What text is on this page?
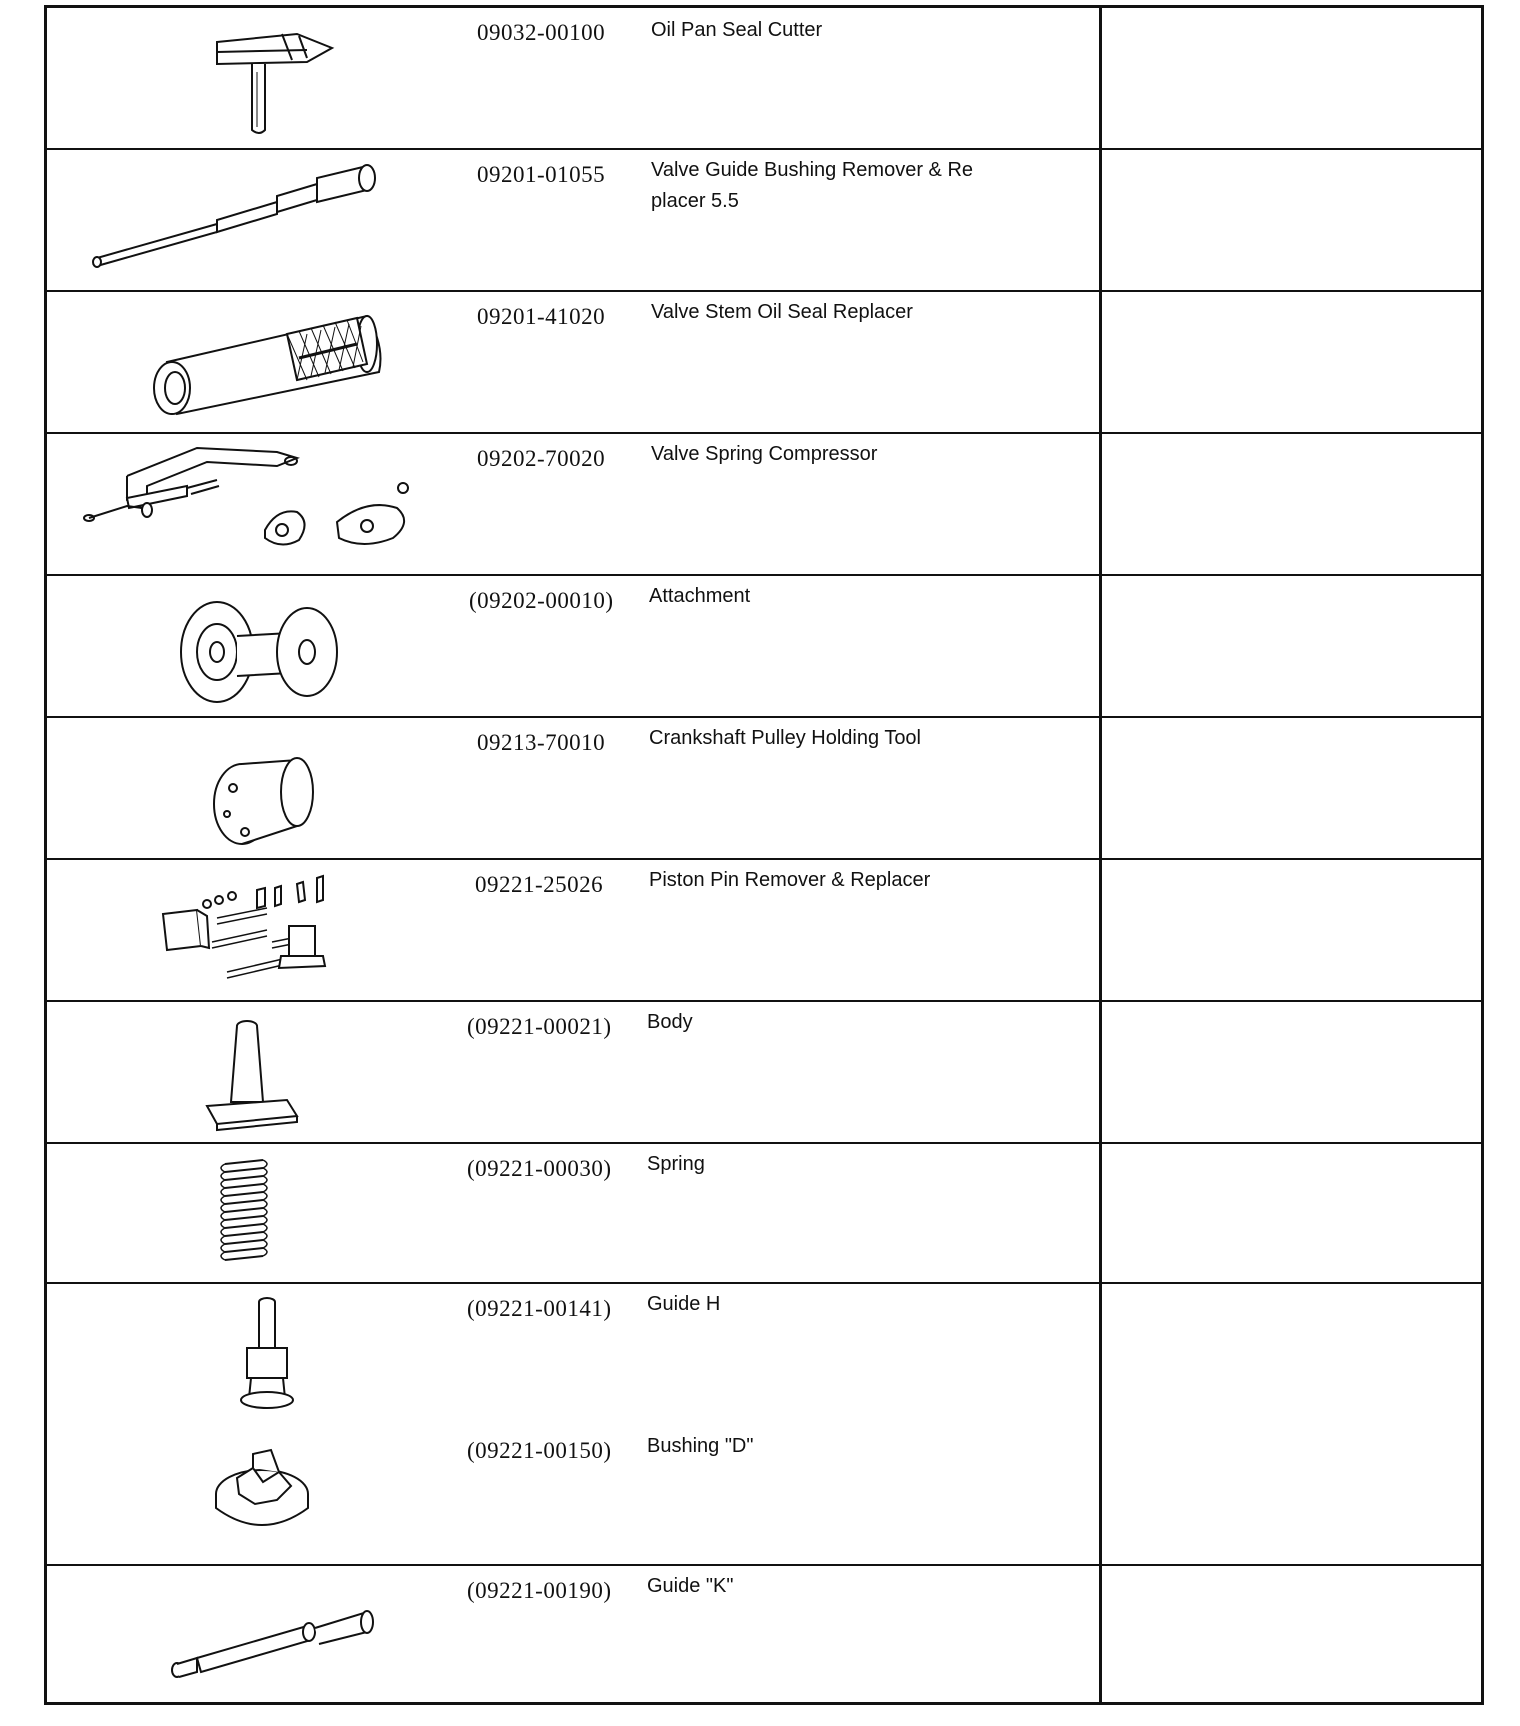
09032-00100 Oil Pan Seal Cutter
09201-01055 Valve Guide Bushing Remover & Re placer 5.5
09201-41020 Valve Stem Oil Seal Replacer
09202-70020 Valve Spring Compressor
(09202-00010) Attachment
09213-70010 Crankshaft Pulley Holding Tool
09221-25026 Piston Pin Remover & Replacer
(09221-00021) Body
(09221-00030) Spring
(09221-00141) Guide H
(09221-00150) Bushing "D"
(09221-00190) Guide "K"
